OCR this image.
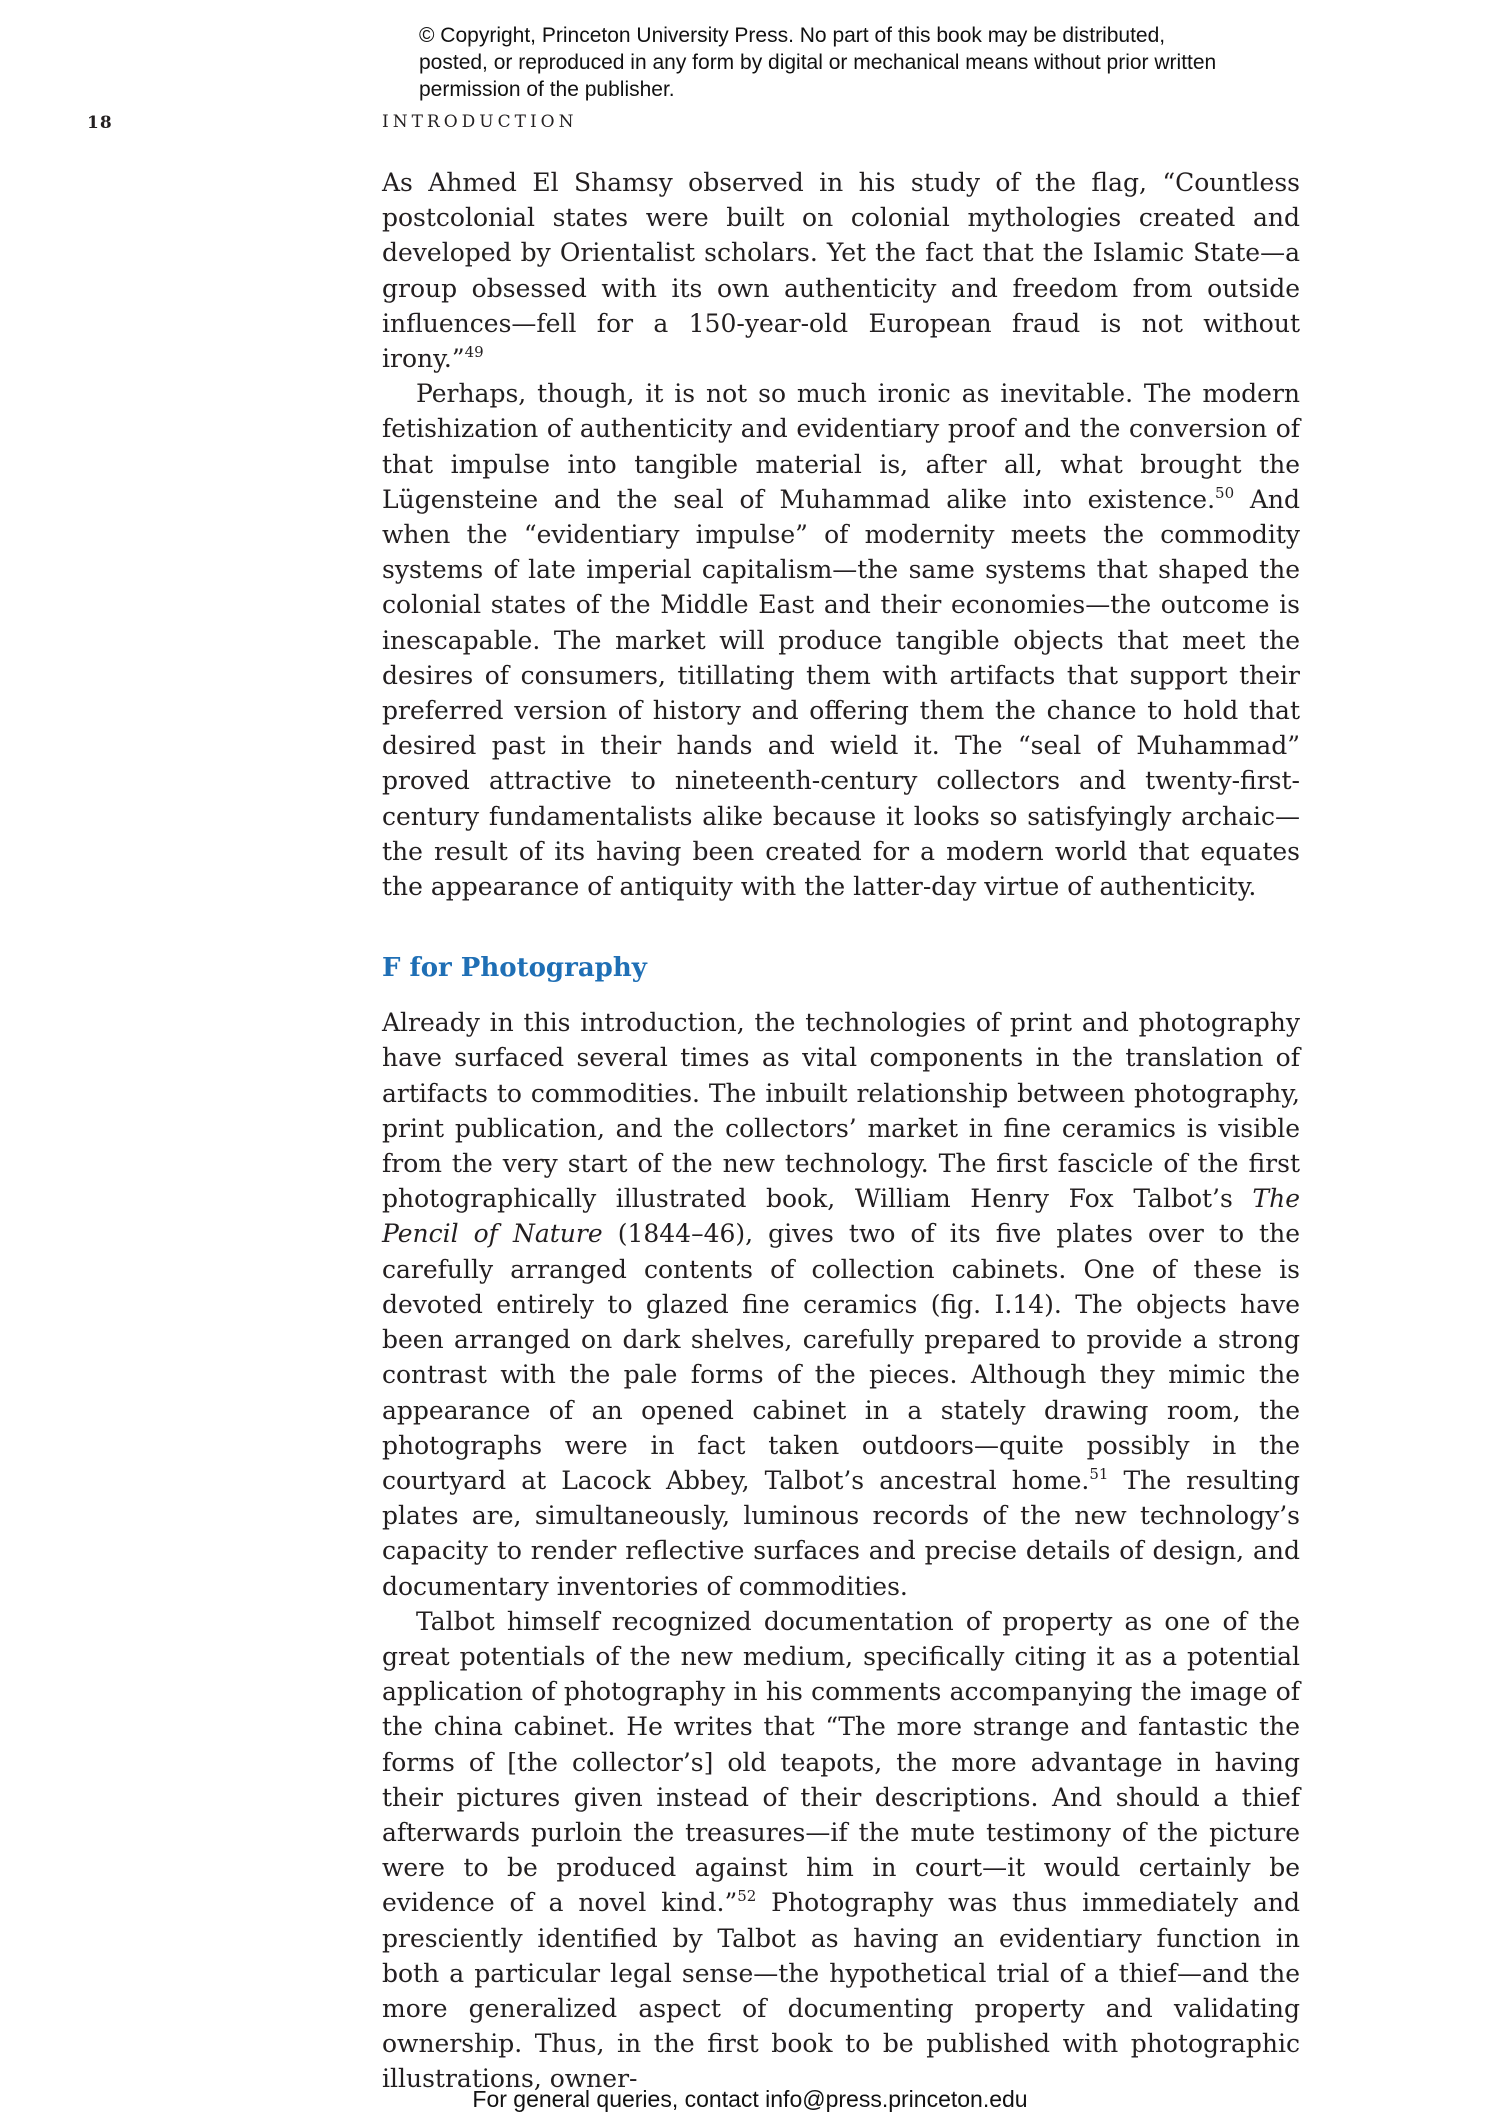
© Copyright, Princeton University Press. No part of this book may be distributed, posted, or reproduced in any form by digital or mechanical means without prior written permission of the publisher.
18	INTRODUCTION

As Ahmed El Shamsy observed in his study of the flag, “Countless postcolonial states were built on colonial mythologies created and developed by Orientalist scholars. Yet the fact that the Islamic State—a group obsessed with its own authenticity and freedom from outside influences—fell for a 150-year-old European fraud is not without irony.”$^{49}$

Perhaps, though, it is not so much ironic as inevitable. The modern fetishization of authenticity and evidentiary proof and the conversion of that impulse into tangible material is, after all, what brought the Lügensteine and the seal of Muhammad alike into existence.$^{50}$ And when the “evidentiary impulse” of modernity meets the commodity systems of late imperial capitalism—the same systems that shaped the colonial states of the Middle East and their economies—the outcome is inescapable. The market will produce tangible objects that meet the desires of consumers, titillating them with artifacts that support their preferred version of history and offering them the chance to hold that desired past in their hands and wield it. The “seal of Muhammad” proved attractive to nineteenth-century collectors and twenty-first-century fundamentalists alike because it looks so satisfyingly archaic—the result of its having been created for a modern world that equates the appearance of antiquity with the latter-day virtue of authenticity.

F for Photography

Already in this introduction, the technologies of print and photography have surfaced several times as vital components in the translation of artifacts to commodities. The inbuilt relationship between photography, print publication, and the collectors’ market in fine ceramics is visible from the very start of the new technology. The first fascicle of the first photographically illustrated book, William Henry Fox Talbot’s The Pencil of Nature (1844–46), gives two of its five plates over to the carefully arranged contents of collection cabinets. One of these is devoted entirely to glazed fine ceramics (fig. I.14). The objects have been arranged on dark shelves, carefully prepared to provide a strong contrast with the pale forms of the pieces. Although they mimic the appearance of an opened cabinet in a stately drawing room, the photographs were in fact taken outdoors—quite possibly in the courtyard at Lacock Abbey, Talbot’s ancestral home.$^{51}$ The resulting plates are, simultaneously, luminous records of the new technology’s capacity to render reflective surfaces and precise details of design, and documentary inventories of commodities.

Talbot himself recognized documentation of property as one of the great potentials of the new medium, specifically citing it as a potential application of photography in his comments accompanying the image of the china cabinet. He writes that “The more strange and fantastic the forms of [the collector’s] old teapots, the more advantage in having their pictures given instead of their descriptions. And should a thief afterwards purloin the treasures—if the mute testimony of the picture were to be produced against him in court—it would certainly be evidence of a novel kind.”$^{52}$ Photography was thus immediately and presciently identified by Talbot as having an evidentiary function in both a particular legal sense—the hypothetical trial of a thief—and the more generalized aspect of documenting property and validating ownership. Thus, in the first book to be published with photographic illustrations, owner-

For general queries, contact info@press.princeton.edu
